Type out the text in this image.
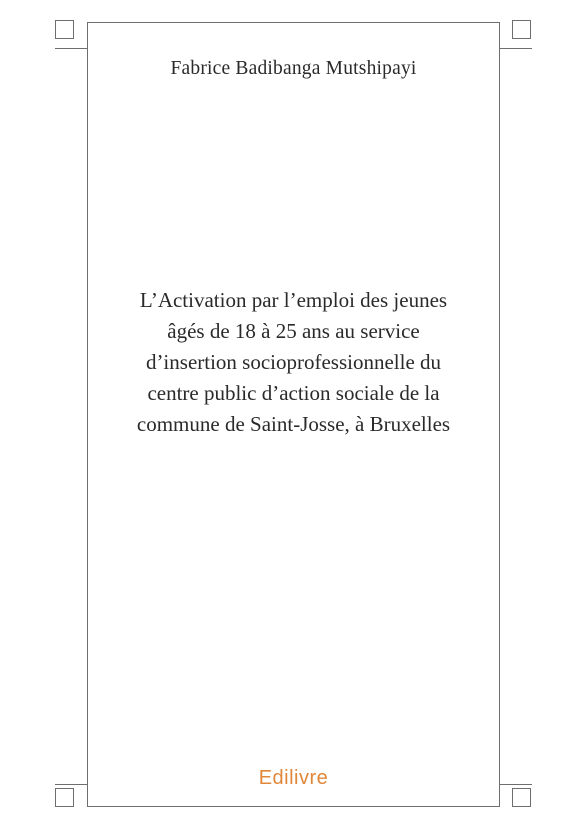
Fabrice Badibanga Mutshipayi
L’Activation par l’emploi des jeunes
âgés de 18 à 25 ans au service
d’insertion socioprofessionnelle du
centre public d’action sociale de la
commune de Saint-Josse, à Bruxelles
Edilivre
